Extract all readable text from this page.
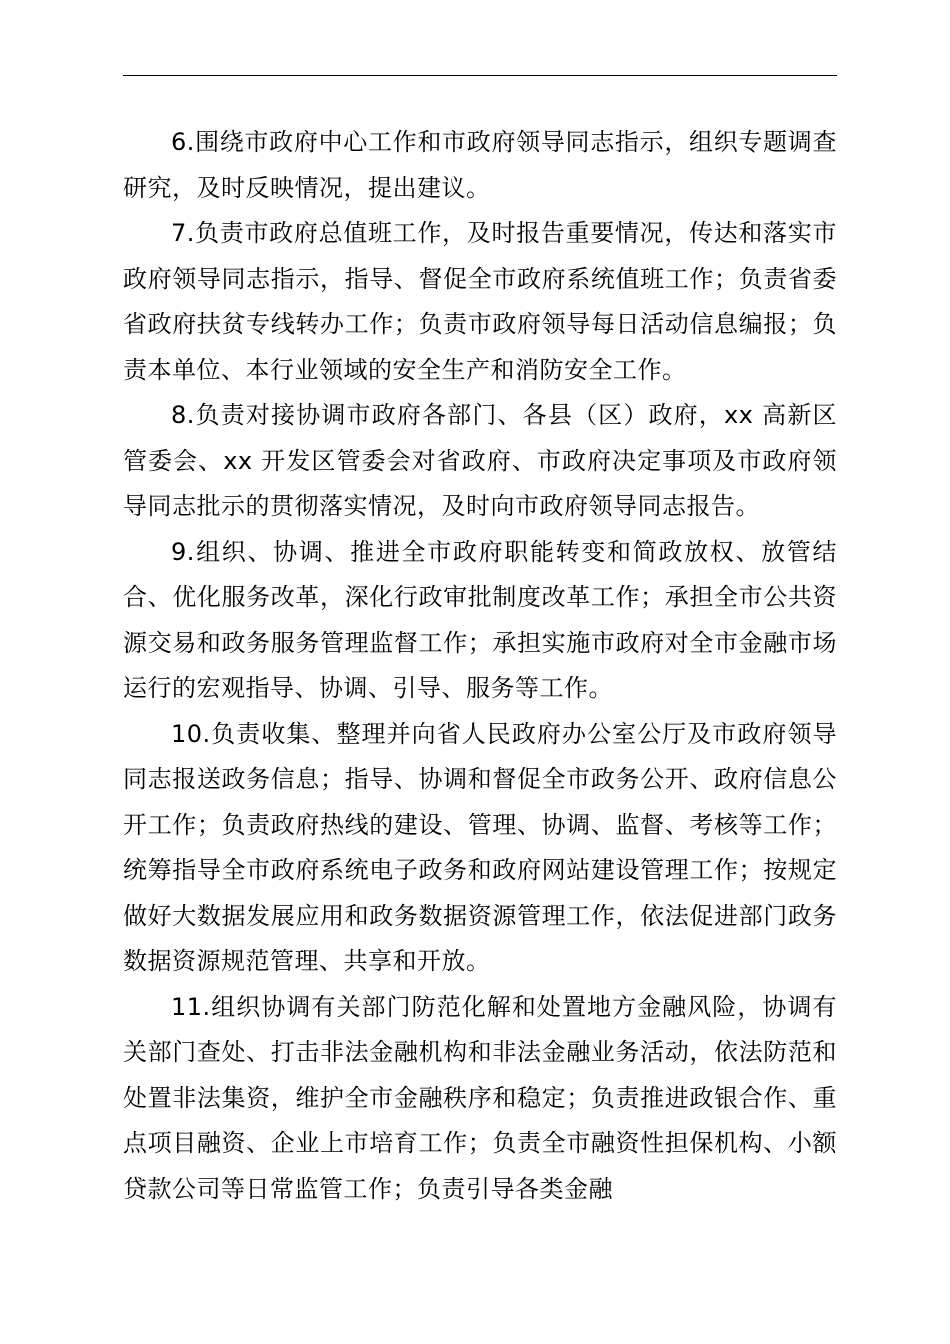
6.围绕市政府中心工作和市政府领导同志指示，组织专题调查研究，及时反映情况，提出建议。

7.负责市政府总值班工作，及时报告重要情况，传达和落实市政府领导同志指示，指导、督促全市政府系统值班工作；负责省委省政府扶贫专线转办工作；负责市政府领导每日活动信息编报；负责本单位、本行业领域的安全生产和消防安全工作。

8.负责对接协调市政府各部门、各县（区）政府，xx 高新区管委会、xx 开发区管委会对省政府、市政府决定事项及市政府领导同志批示的贯彻落实情况，及时向市政府领导同志报告。

9.组织、协调、推进全市政府职能转变和简政放权、放管结合、优化服务改革，深化行政审批制度改革工作；承担全市公共资源交易和政务服务管理监督工作；承担实施市政府对全市金融市场运行的宏观指导、协调、引导、服务等工作。

10.负责收集、整理并向省人民政府办公室公厅及市政府领导同志报送政务信息；指导、协调和督促全市政务公开、政府信息公开工作；负责政府热线的建设、管理、协调、监督、考核等工作；统筹指导全市政府系统电子政务和政府网站建设管理工作；按规定做好大数据发展应用和政务数据资源管理工作，依法促进部门政务数据资源规范管理、共享和开放。

11.组织协调有关部门防范化解和处置地方金融风险，协调有关部门查处、打击非法金融机构和非法金融业务活动，依法防范和处置非法集资，维护全市金融秩序和稳定；负责推进政银合作、重点项目融资、企业上市培育工作；负责全市融资性担保机构、小额贷款公司等日常监管工作；负责引导各类金融
